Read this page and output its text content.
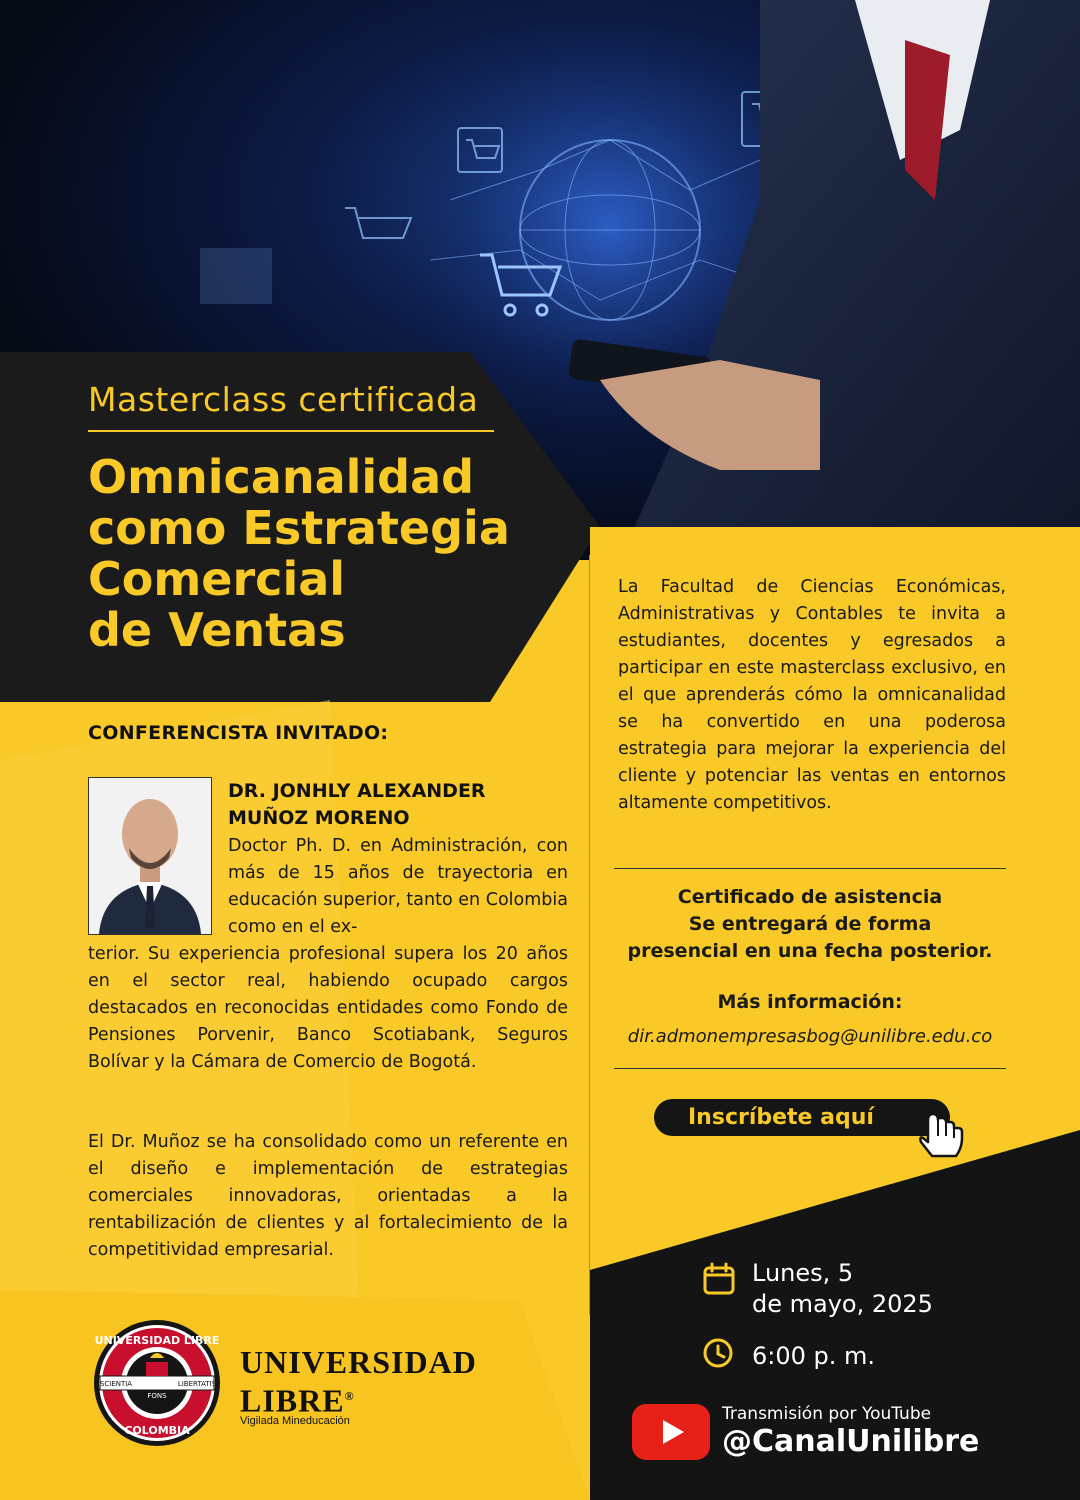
Masterclass certificada
Omnicanalidad
como Estrategia
Comercial
de Ventas
CONFERENCISTA INVITADO:
DR. JONHLY ALEXANDER
MUÑOZ MORENO
Doctor Ph. D. en Administración, con más de 15 años de trayectoria en educación superior, tanto en Colombia como en el ex-
terior. Su experiencia profesional supera los 20 años en el sector real, habiendo ocupado cargos destacados en reconocidas entidades como Fondo de Pensiones Porvenir, Banco Scotiabank, Seguros Bolívar y la Cámara de Comercio de Bogotá.
El Dr. Muñoz se ha consolidado como un referente en el diseño e implementación de estrategias comerciales innovadoras, orientadas a la rentabilización de clientes y al fortalecimiento de la competitividad empresarial.
La Facultad de Ciencias Económicas, Administrativas y Contables te invita a estudiantes, docentes y egresados a participar en este masterclass exclusivo, en el que aprenderás cómo la omnicanalidad se ha convertido en una poderosa estrategia para mejorar la experiencia del cliente y potenciar las ventas en entornos altamente competitivos.
Certificado de asistencia
Se entregará de forma
presencial en una fecha posterior.
Más información:
dir.admonempresasbog@unilibre.edu.co
Inscríbete aquí
Lunes, 5
de mayo, 2025
6:00 p. m.
Transmisión por YouTube
@CanalUnilibre
UNIVERSIDAD LIBRE
COLOMBIA
SCIENTIA
FONS
LIBERTATIS
UNIVERSIDAD
LIBRE®
Vigilada Mineducación
